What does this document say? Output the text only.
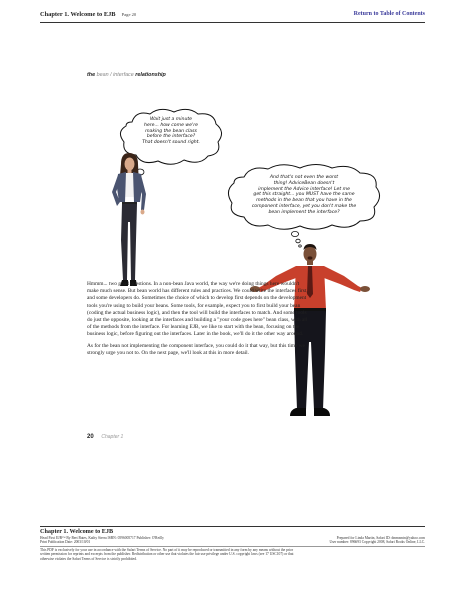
Chapter 1. Welcome to EJB Page 20	Return to Table of Contents
the bean / interface relationship
Wait just a minute
here... how come we're
making the bean class
before the interface?
That doesn't sound right.
And that's not even the worst
thing! AdviceBean doesn't
implement the Advice interface! Let me
get this straight... you MUST have the same
methods in the bean that you have in the
component interface, yet you don't make the
bean implement the interface?

Hmmm... two good questions. In a non-bean Java world, the way we're doing things here wouldn't make much sense. But bean world has different rules and practices. We could write the interfaces first, and some developers do. Sometimes the choice of which to develop first depends on the development tools you're using to build your beans. Some tools, for example, expect you to first build your bean (coding the actual business logic), and then the tool will build the interfaces to match. And some tools do just the opposite, looking at the interfaces and building a "your code goes here" bean class, with all of the methods from the interface. For learning EJB, we like to start with the bean, focusing on the business logic, before figuring out the interfaces. Later in the book, we'll do it the other way around.

As for the bean not implementing the component interface, you could do it that way, but this time we strongly urge you not to. On the next page, we'll look at this in more detail.

20 Chapter 1
Chapter 1. Welcome to EJB
Head First EJB™ By Bert Bates, Kathy Sierra ISBN: 0596005717 Publisher: O'Reilly	Prepared for Linda Martin, Safari ID: dmmsmtn@yahoo.com
Print Publication Date: 2003/10/01	User number: 896693 Copyright 2008, Safari Books Online, LLC.
This PDF is exclusively for your use in accordance with the Safari Terms of Service. No part of it may be reproduced or transmitted in any form by any means without the prior
written permission for reprints and excerpts from the publisher. Redistribution or other use that violates the fair use privilege under U.S. copyright laws (see 17 USC107) or that
otherwise violates the Safari Terms of Service is strictly prohibited.
